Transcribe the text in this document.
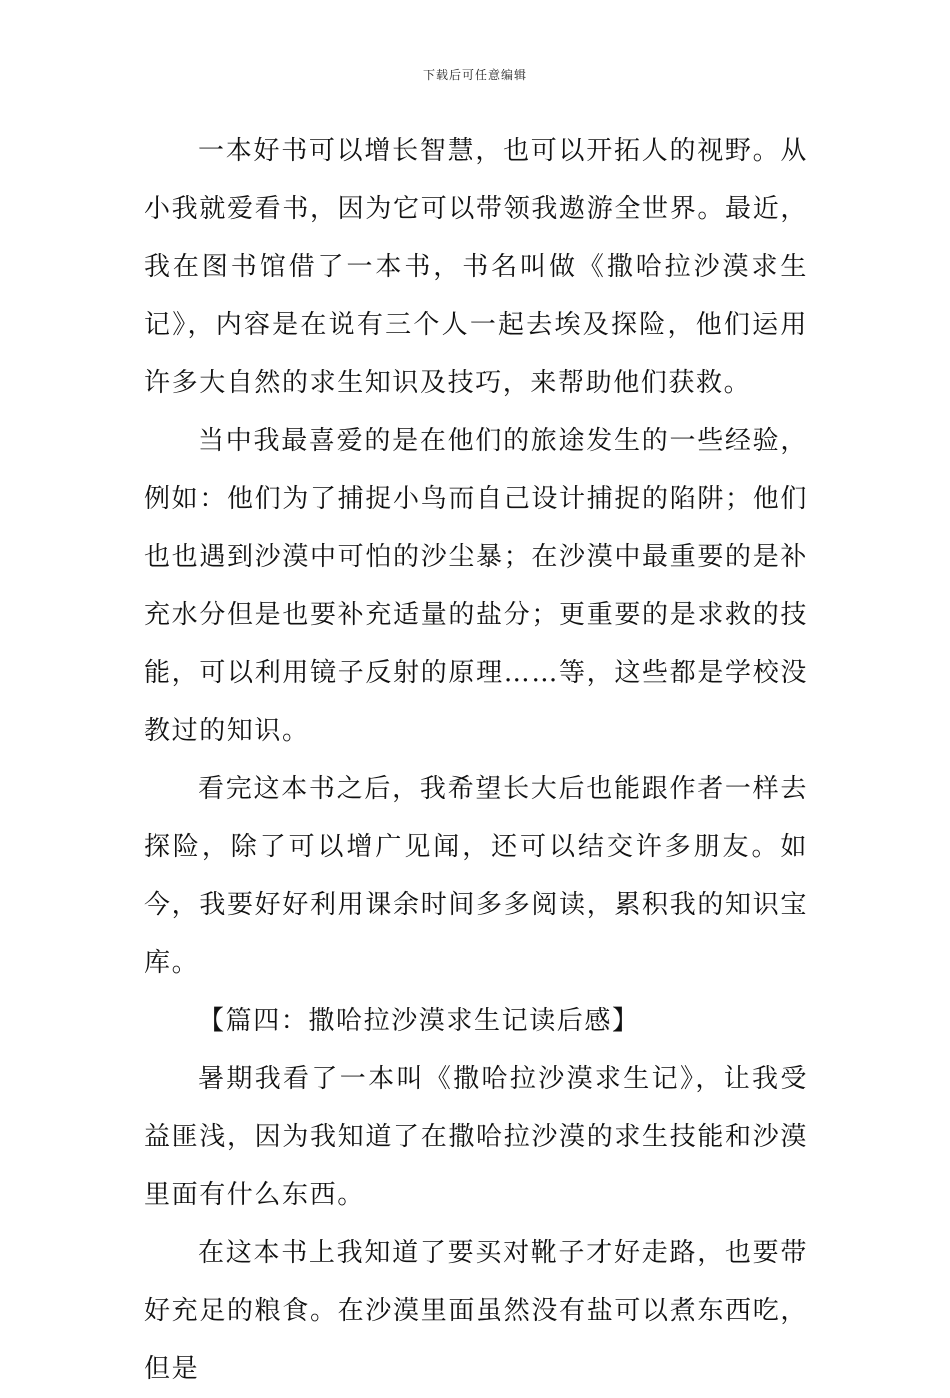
下载后可任意编辑

一本好书可以增长智慧，也可以开拓人的视野。从小我就爱看书，因为它可以带领我遨游全世界。最近，我在图书馆借了一本书，书名叫做《撒哈拉沙漠求生记》，内容是在说有三个人一起去埃及探险，他们运用许多大自然的求生知识及技巧，来帮助他们获救。

当中我最喜爱的是在他们的旅途发生的一些经验，例如：他们为了捕捉小鸟而自己设计捕捉的陷阱；他们也也遇到沙漠中可怕的沙尘暴；在沙漠中最重要的是补充水分但是也要补充适量的盐分；更重要的是求救的技能，可以利用镜子反射的原理……等，这些都是学校没教过的知识。

看完这本书之后，我希望长大后也能跟作者一样去探险，除了可以增广见闻，还可以结交许多朋友。如今，我要好好利用课余时间多多阅读，累积我的知识宝库。

【篇四：撒哈拉沙漠求生记读后感】

暑期我看了一本叫《撒哈拉沙漠求生记》，让我受益匪浅，因为我知道了在撒哈拉沙漠的求生技能和沙漠里面有什么东西。

在这本书上我知道了要买对靴子才好走路，也要带好充足的粮食。在沙漠里面虽然没有盐可以煮东西吃，但是
